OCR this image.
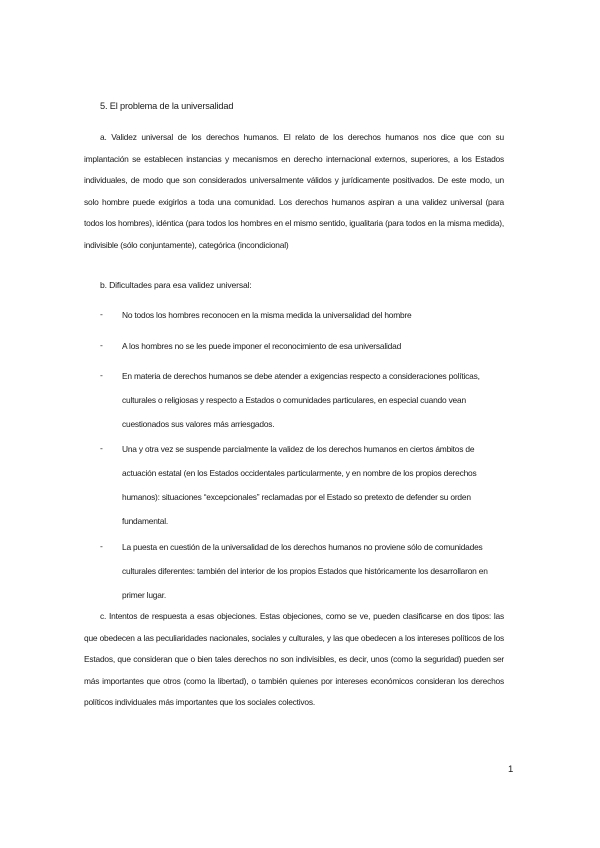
5. El problema de la universalidad

a. Validez universal de los derechos humanos. El relato de los derechos humanos nos dice que con su implantación se establecen instancias y mecanismos en derecho internacional externos, superiores, a los Estados individuales, de modo que son considerados universalmente válidos y jurídicamente positivados. De este modo, un solo hombre puede exigirlos a toda una comunidad. Los derechos humanos aspiran a una validez universal (para todos los hombres), idéntica (para todos los hombres en el mismo sentido, igualitaria (para todos en la misma medida), indivisible (sólo conjuntamente), categórica (incondicional)

b. Dificultades para esa validez universal:
- No todos los hombres reconocen en la misma medida la universalidad del hombre

- A los hombres no se les puede imponer el reconocimiento de esa universalidad

- En materia de derechos humanos se debe atender a exigencias respecto a consideraciones políticas, culturales o religiosas y respecto a Estados o comunidades particulares, en especial cuando vean cuestionados sus valores más arriesgados.

- Una y otra vez se suspende parcialmente la validez de los derechos humanos en ciertos ámbitos de actuación estatal (en los Estados occidentales particularmente, y en nombre de los propios derechos humanos): situaciones “excepcionales” reclamadas por el Estado so pretexto de defender su orden fundamental.

- La puesta en cuestión de la universalidad de los derechos humanos no proviene sólo de comunidades culturales diferentes: también del interior de los propios Estados que históricamente los desarrollaron en primer lugar.

c. Intentos de respuesta a esas objeciones. Estas objeciones, como se ve, pueden clasificarse en dos tipos: las que obedecen a las peculiaridades nacionales, sociales y culturales, y las que obedecen a los intereses políticos de los Estados, que consideran que o bien tales derechos no son indivisibles, es decir, unos (como la seguridad) pueden ser más importantes que otros (como la libertad), o también quienes por intereses económicos consideran los derechos políticos individuales más importantes que los sociales colectivos.

1
